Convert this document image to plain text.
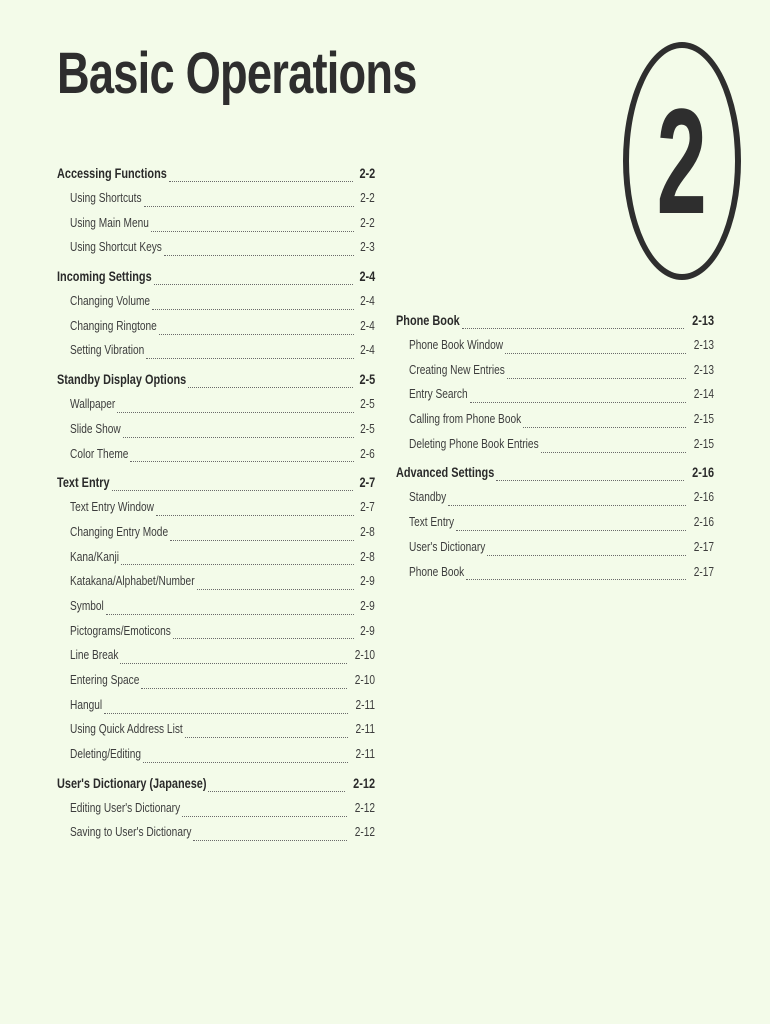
Basic Operations
2
Accessing Functions	2-2
Using Shortcuts	2-2
Using Main Menu	2-2
Using Shortcut Keys	2-3
Incoming Settings	2-4
Changing Volume	2-4
Changing Ringtone	2-4
Setting Vibration	2-4
Standby Display Options	2-5
Wallpaper	2-5
Slide Show	2-5
Color Theme	2-6
Text Entry	2-7
Text Entry Window	2-7
Changing Entry Mode	2-8
Kana/Kanji	2-8
Katakana/Alphabet/Number	2-9
Symbol	2-9
Pictograms/Emoticons	2-9
Line Break	2-10
Entering Space	2-10
Hangul	2-11
Using Quick Address List	2-11
Deleting/Editing	2-11
User's Dictionary (Japanese)	2-12
Editing User's Dictionary	2-12
Saving to User's Dictionary	2-12
Phone Book	2-13
Phone Book Window	2-13
Creating New Entries	2-13
Entry Search	2-14
Calling from Phone Book	2-15
Deleting Phone Book Entries	2-15
Advanced Settings	2-16
Standby	2-16
Text Entry	2-16
User's Dictionary	2-17
Phone Book	2-17
